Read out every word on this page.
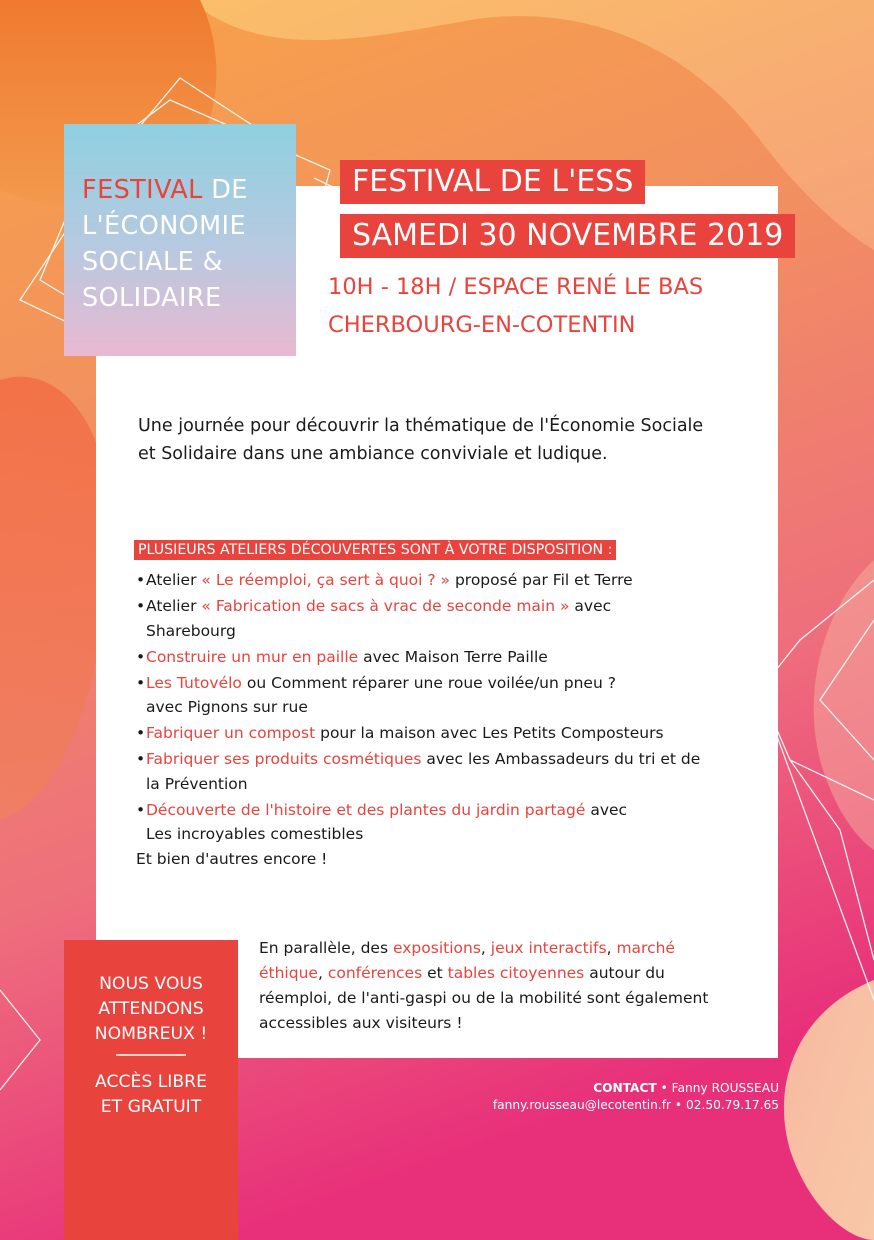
FESTIVAL DE
L'ÉCONOMIE
SOCIALE &
SOLIDAIRE
FESTIVAL DE L'ESS
SAMEDI 30 NOVEMBRE 2019
10H - 18H / ESPACE RENÉ LE BAS
CHERBOURG-EN-COTENTIN
Une journée pour découvrir la thématique de l'Économie Sociale et Solidaire dans une ambiance conviviale et ludique.
PLUSIEURS ATELIERS DÉCOUVERTES SONT À VOTRE DISPOSITION :
• Atelier « Le réemploi, ça sert à quoi ? » proposé par Fil et Terre
• Atelier « Fabrication de sacs à vrac de seconde main » avec Sharebourg
• Construire un mur en paille avec Maison Terre Paille
• Les Tutovélo ou Comment réparer une roue voilée/un pneu ? avec Pignons sur rue
• Fabriquer un compost pour la maison avec Les Petits Composteurs
• Fabriquer ses produits cosmétiques avec les Ambassadeurs du tri et de la Prévention
• Découverte de l'histoire et des plantes du jardin partagé avec Les incroyables comestibles
Et bien d'autres encore !
En parallèle, des expositions, jeux interactifs, marché éthique, conférences et tables citoyennes autour du réemploi, de l'anti-gaspi ou de la mobilité sont également accessibles aux visiteurs !
NOUS VOUS
ATTENDONS
NOMBREUX !
ACCÈS LIBRE
ET GRATUIT
CONTACT • Fanny ROUSSEAU
fanny.rousseau@lecotentin.fr • 02.50.79.17.65
